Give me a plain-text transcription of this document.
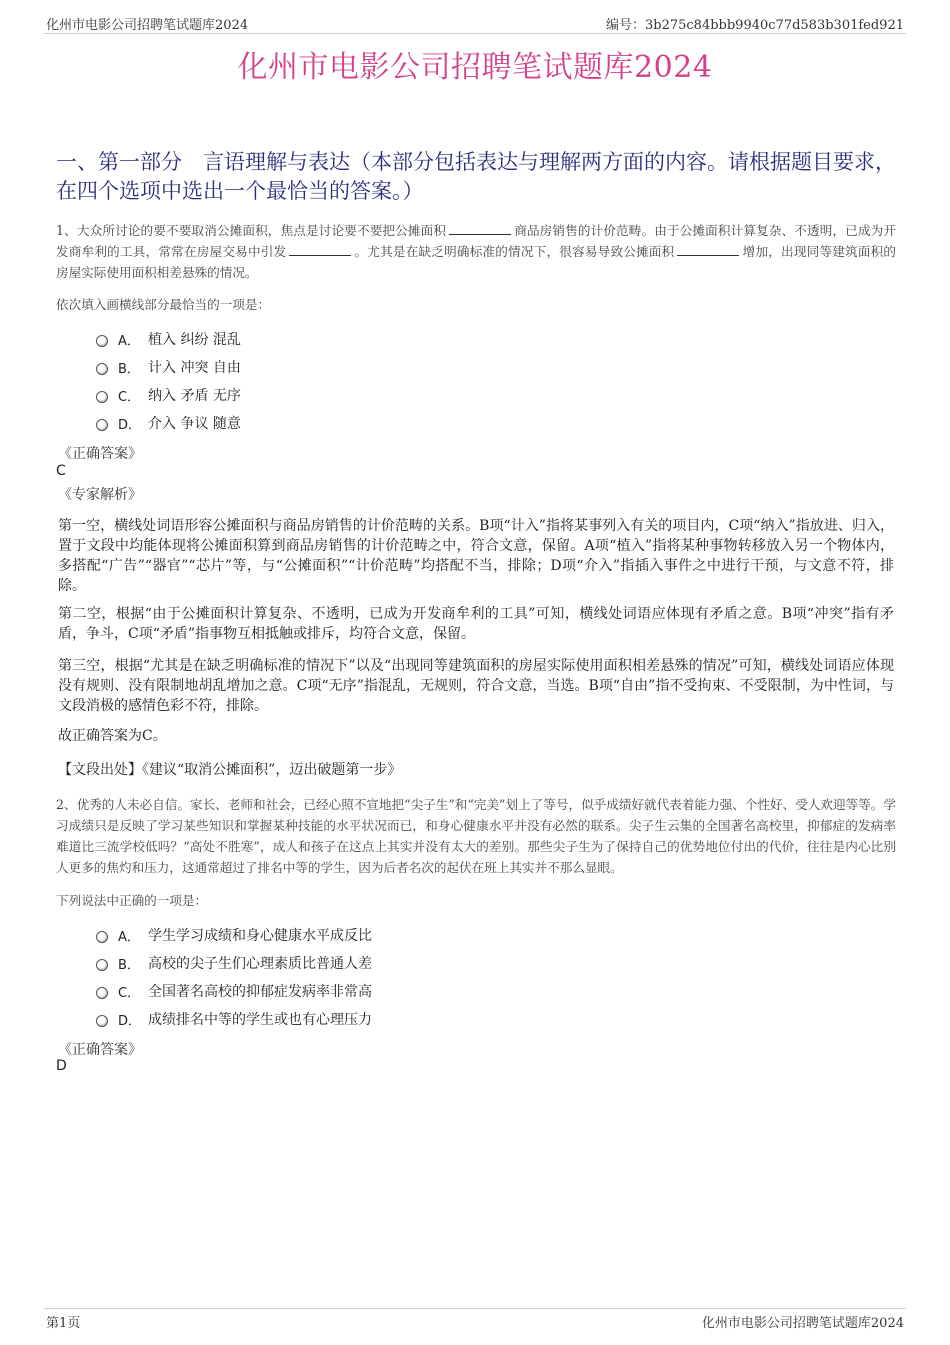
化州市电影公司招聘笔试题库2024	编号：3b275c84bbb9940c77d583b301fed921
化州市电影公司招聘笔试题库2024
一、第一部分　言语理解与表达（本部分包括表达与理解两方面的内容。请根据题目要求，在四个选项中选出一个最恰当的答案。）
1、大众所讨论的要不要取消公摊面积，焦点是讨论要不要把公摊面积	商品房销售的计价范畴。由于公摊面积计算复杂、不透明，已成为开发商牟利的工具，常常在房屋交易中引发	。尤其是在缺乏明确标准的情况下，很容易导致公摊面积	增加，出现同等建筑面积的房屋实际使用面积相差悬殊的情况。
依次填入画横线部分最恰当的一项是：
A． 植入 纠纷 混乱
B． 计入 冲突 自由
C． 纳入 矛盾 无序
D． 介入 争议 随意
《正确答案》
C
《专家解析》
第一空，横线处词语形容公摊面积与商品房销售的计价范畴的关系。B项“计入”指将某事列入有关的项目内，C项“纳入”指放进、归入，置于文段中均能体现将公摊面积算到商品房销售的计价范畴之中，符合文意，保留。A项“植入”指将某种事物转移放入另一个物体内，多搭配“广告”“器官”“芯片”等，与“公摊面积”“计价范畴”均搭配不当，排除；D项“介入”指插入事件之中进行干预，与文意不符，排除。
第二空，根据“由于公摊面积计算复杂、不透明，已成为开发商牟利的工具”可知，横线处词语应体现有矛盾之意。B项“冲突”指有矛盾，争斗，C项“矛盾”指事物互相抵触或排斥，均符合文意，保留。
第三空，根据“尤其是在缺乏明确标准的情况下”以及“出现同等建筑面积的房屋实际使用面积相差悬殊的情况”可知，横线处词语应体现没有规则、没有限制地胡乱增加之意。C项“无序”指混乱，无规则，符合文意，当选。B项“自由”指不受拘束、不受限制，为中性词，与文段消极的感情色彩不符，排除。
故正确答案为C。
【文段出处】《建议“取消公摊面积”，迈出破题第一步》
2、优秀的人未必自信。家长、老师和社会，已经心照不宣地把“尖子生”和“完美”划上了等号，似乎成绩好就代表着能力强、个性好、受人欢迎等等。学习成绩只是反映了学习某些知识和掌握某种技能的水平状况而已，和身心健康水平并没有必然的联系。尖子生云集的全国著名高校里，抑郁症的发病率难道比三流学校低吗？“高处不胜寒”，成人和孩子在这点上其实并没有太大的差别。那些尖子生为了保持自己的优势地位付出的代价，往往是内心比别人更多的焦灼和压力，这通常超过了排名中等的学生，因为后者名次的起伏在班上其实并不那么显眼。
下列说法中正确的一项是：
A． 学生学习成绩和身心健康水平成反比
B． 高校的尖子生们心理素质比普通人差
C． 全国著名高校的抑郁症发病率非常高
D． 成绩排名中等的学生或也有心理压力
《正确答案》
D
第1页	化州市电影公司招聘笔试题库2024
